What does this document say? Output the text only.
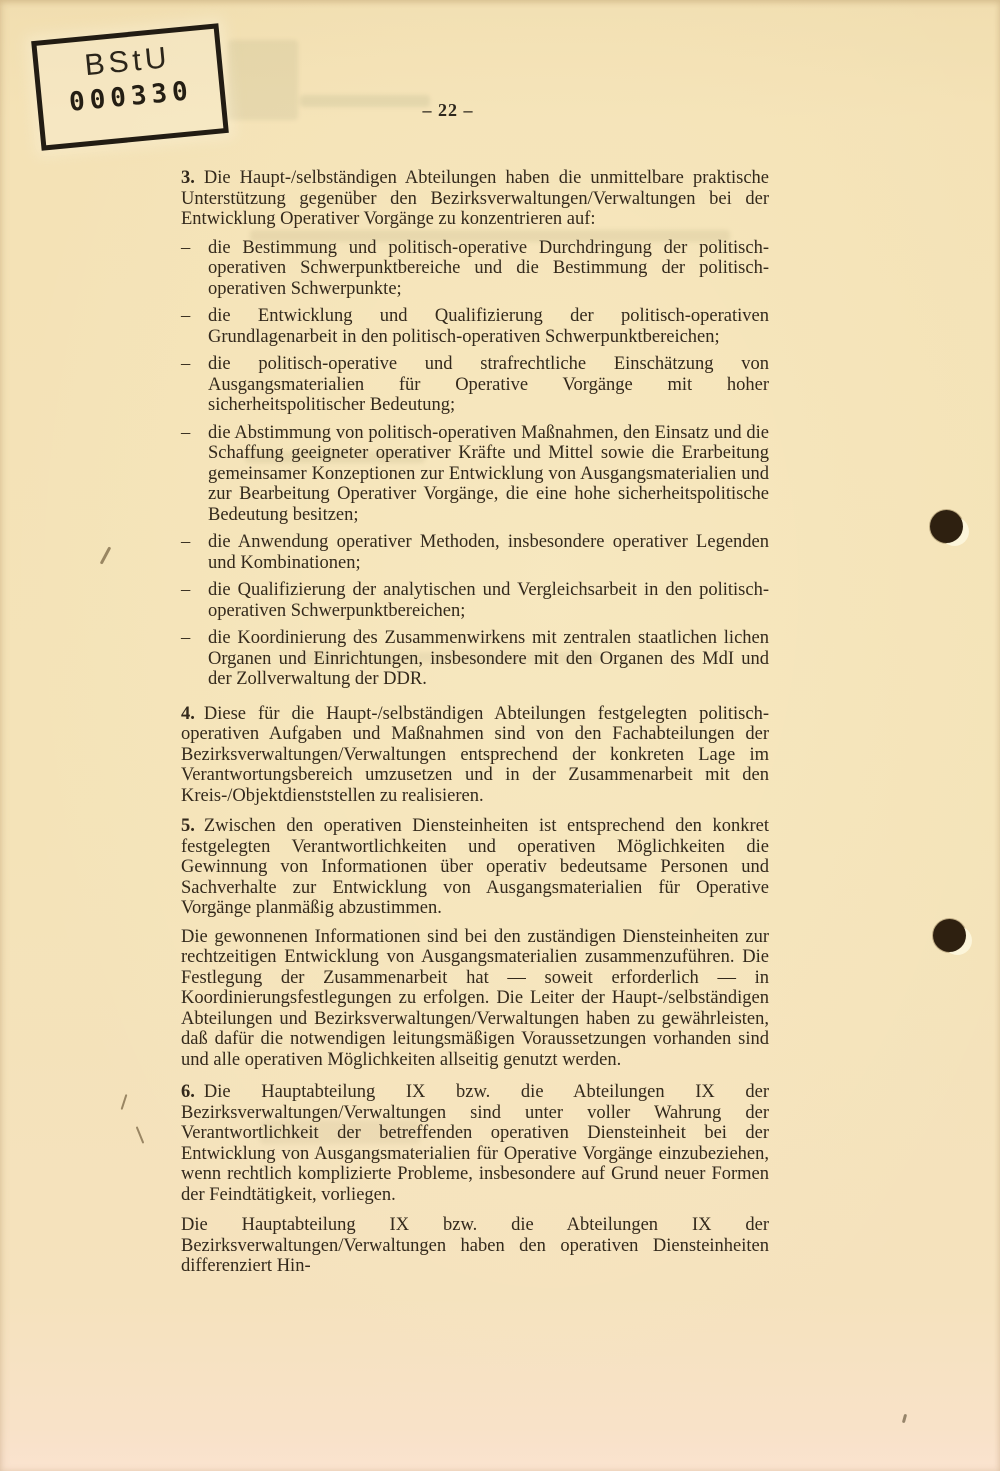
BStU
000330	– 22 –

3. Die Haupt-/selbständigen Abteilungen haben die unmittelbare praktische Unterstützung gegenüber den Bezirksverwaltungen/Verwaltungen bei der Entwicklung Operativer Vorgänge zu konzentrieren auf:

– die Bestimmung und politisch-operative Durchdringung der politisch-operativen Schwerpunktbereiche und die Bestimmung der politisch-operativen Schwerpunkte;
– die Entwicklung und Qualifizierung der politisch-operativen Grundlagenarbeit in den politisch-operativen Schwerpunktbereichen;
– die politisch-operative und strafrechtliche Einschätzung von Ausgangsmaterialien für Operative Vorgänge mit hoher sicherheitspolitischer Bedeutung;
– die Abstimmung von politisch-operativen Maßnahmen, den Einsatz und die Schaffung geeigneter operativer Kräfte und Mittel sowie die Erarbeitung gemeinsamer Konzeptionen zur Entwicklung von Ausgangsmaterialien und zur Bearbeitung Operativer Vorgänge, die eine hohe sicherheitspolitische Bedeutung besitzen;
– die Anwendung operativer Methoden, insbesondere operativer Legenden und Kombinationen;
– die Qualifizierung der analytischen und Vergleichsarbeit in den politisch-operativen Schwerpunktbereichen;
– die Koordinierung des Zusammenwirkens mit zentralen staatlichen lichen Organen und Einrichtungen, insbesondere mit den Organen des MdI und der Zollverwaltung der DDR.

4. Diese für die Haupt-/selbständigen Abteilungen festgelegten politisch-operativen Aufgaben und Maßnahmen sind von den Fachabteilungen der Bezirksverwaltungen/Verwaltungen entsprechend der konkreten Lage im Verantwortungsbereich umzusetzen und in der Zusammenarbeit mit den Kreis-/Objektdienststellen zu realisieren.

5. Zwischen den operativen Diensteinheiten ist entsprechend den konkret festgelegten Verantwortlichkeiten und operativen Möglichkeiten die Gewinnung von Informationen über operativ bedeutsame Personen und Sachverhalte zur Entwicklung von Ausgangsmaterialien für Operative Vorgänge planmäßig abzustimmen.

Die gewonnenen Informationen sind bei den zuständigen Diensteinheiten zur rechtzeitigen Entwicklung von Ausgangsmaterialien zusammenzuführen. Die Festlegung der Zusammenarbeit hat — soweit erforderlich — in Koordinierungsfestlegungen zu erfolgen. Die Leiter der Haupt-/selbständigen Abteilungen und Bezirksverwaltungen/Verwaltungen haben zu gewährleisten, daß dafür die notwendigen leitungsmäßigen Voraussetzungen vorhanden sind und alle operativen Möglichkeiten allseitig genutzt werden.

6. Die Hauptabteilung IX bzw. die Abteilungen IX der Bezirksverwaltungen/Verwaltungen sind unter voller Wahrung der Verantwortlichkeit der betreffenden operativen Diensteinheit bei der Entwicklung von Ausgangsmaterialien für Operative Vorgänge einzubeziehen, wenn rechtlich komplizierte Probleme, insbesondere auf Grund neuer Formen der Feindtätigkeit, vorliegen.

Die Hauptabteilung IX bzw. die Abteilungen IX der Bezirksverwaltungen/Verwaltungen haben den operativen Diensteinheiten differenziert Hin-
